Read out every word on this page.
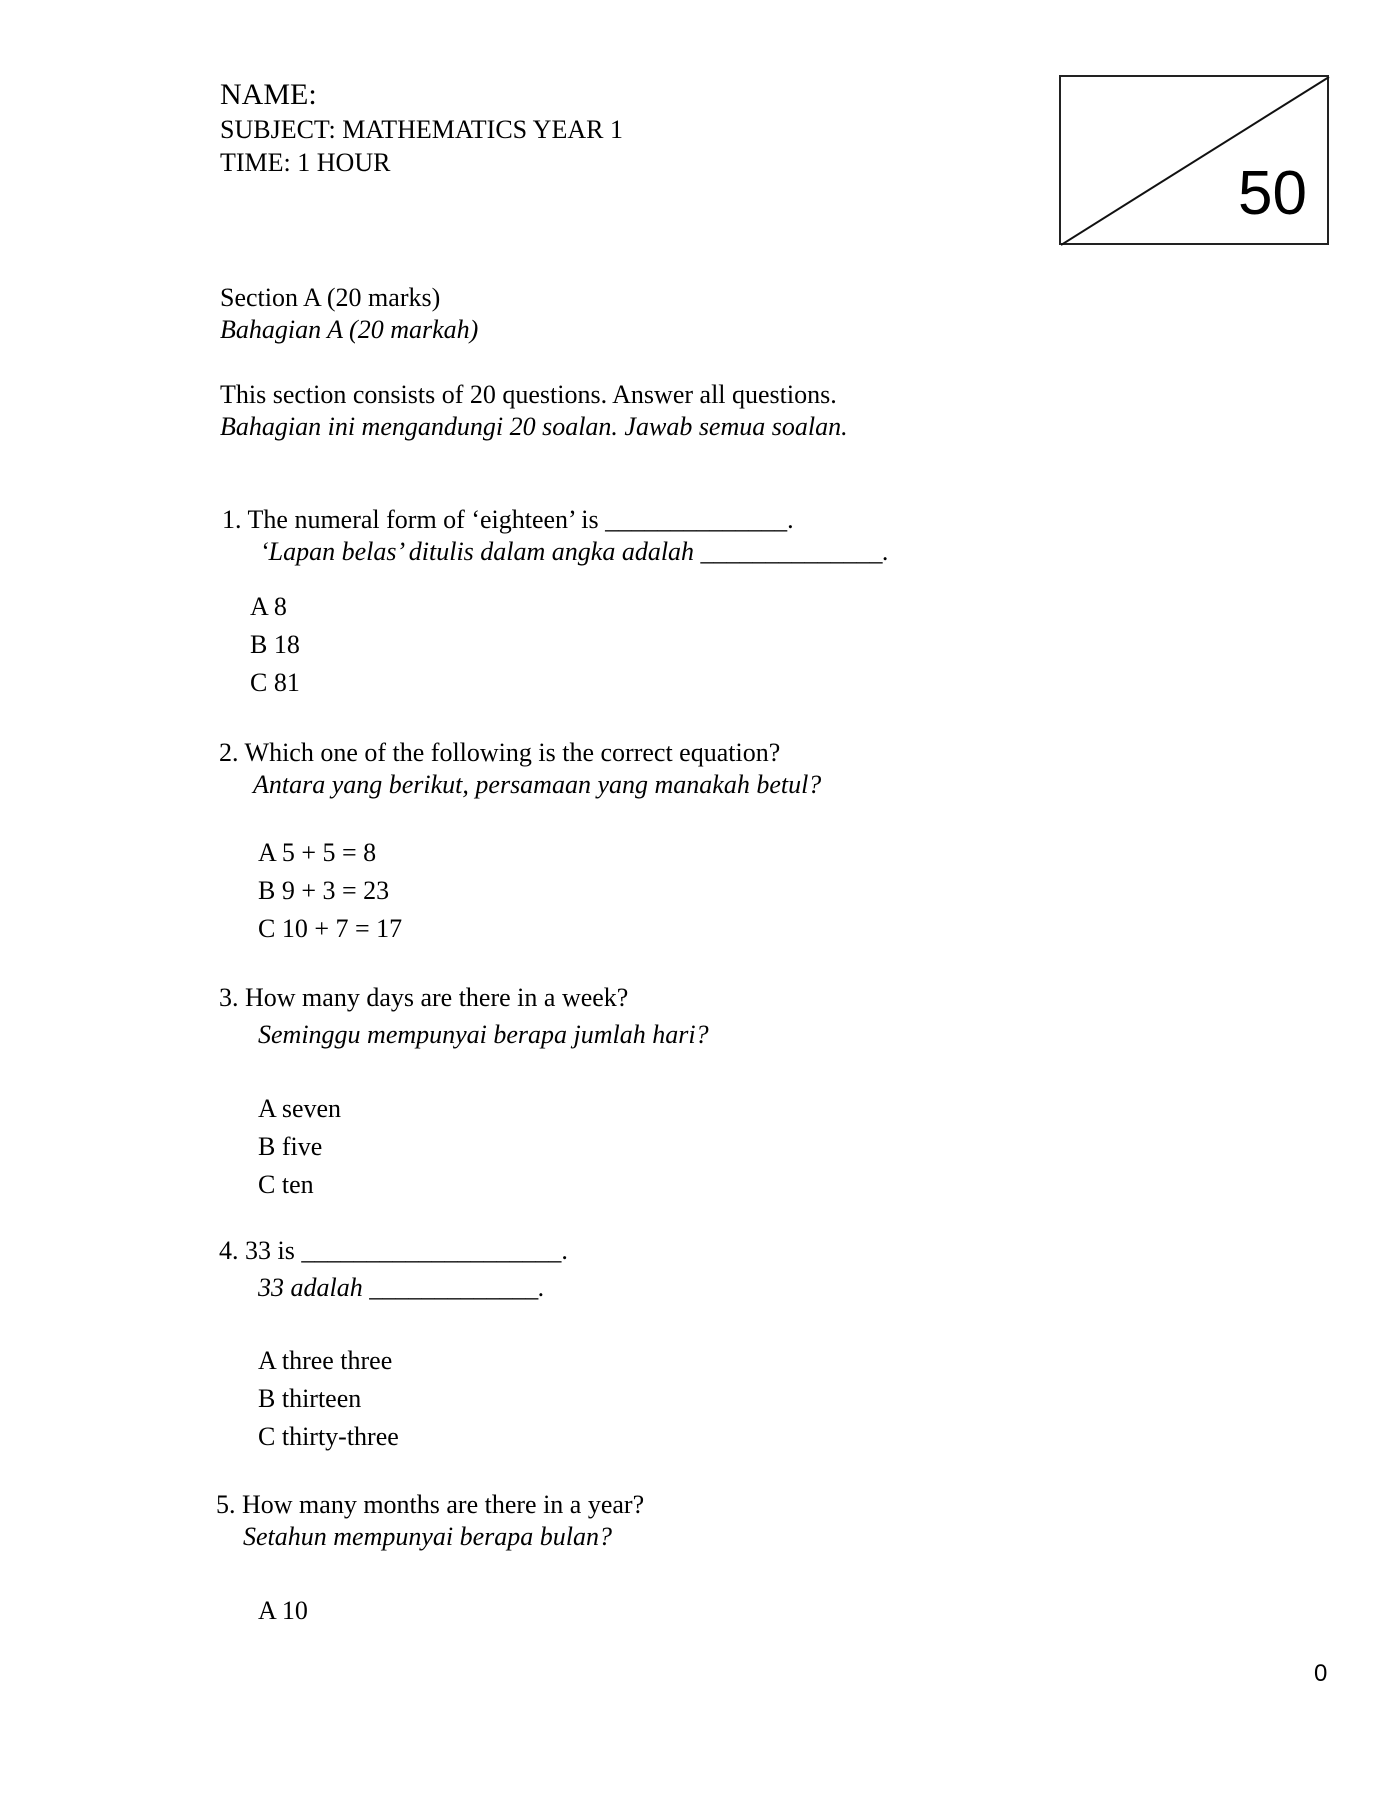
NAME:
SUBJECT: MATHEMATICS YEAR 1
TIME: 1 HOUR	50
Section A (20 marks)
Bahagian A (20 markah)
This section consists of 20 questions. Answer all questions.
Bahagian ini mengandungi 20 soalan. Jawab semua soalan.
1. The numeral form of ‘eighteen’ is ______________.
‘Lapan belas’ ditulis dalam angka adalah ______________.
A 8
B 18
C 81
2. Which one of the following is the correct equation?
Antara yang berikut, persamaan yang manakah betul?
A 5 + 5 = 8
B 9 + 3 = 23
C 10 + 7 = 17
3. How many days are there in a week?
Seminggu mempunyai berapa jumlah hari?
A seven
B five
C ten
4. 33 is ____________________.
33 adalah _____________.
A three three
B thirteen
C thirty-three
5. How many months are there in a year?
Setahun mempunyai berapa bulan?
A 10
0
